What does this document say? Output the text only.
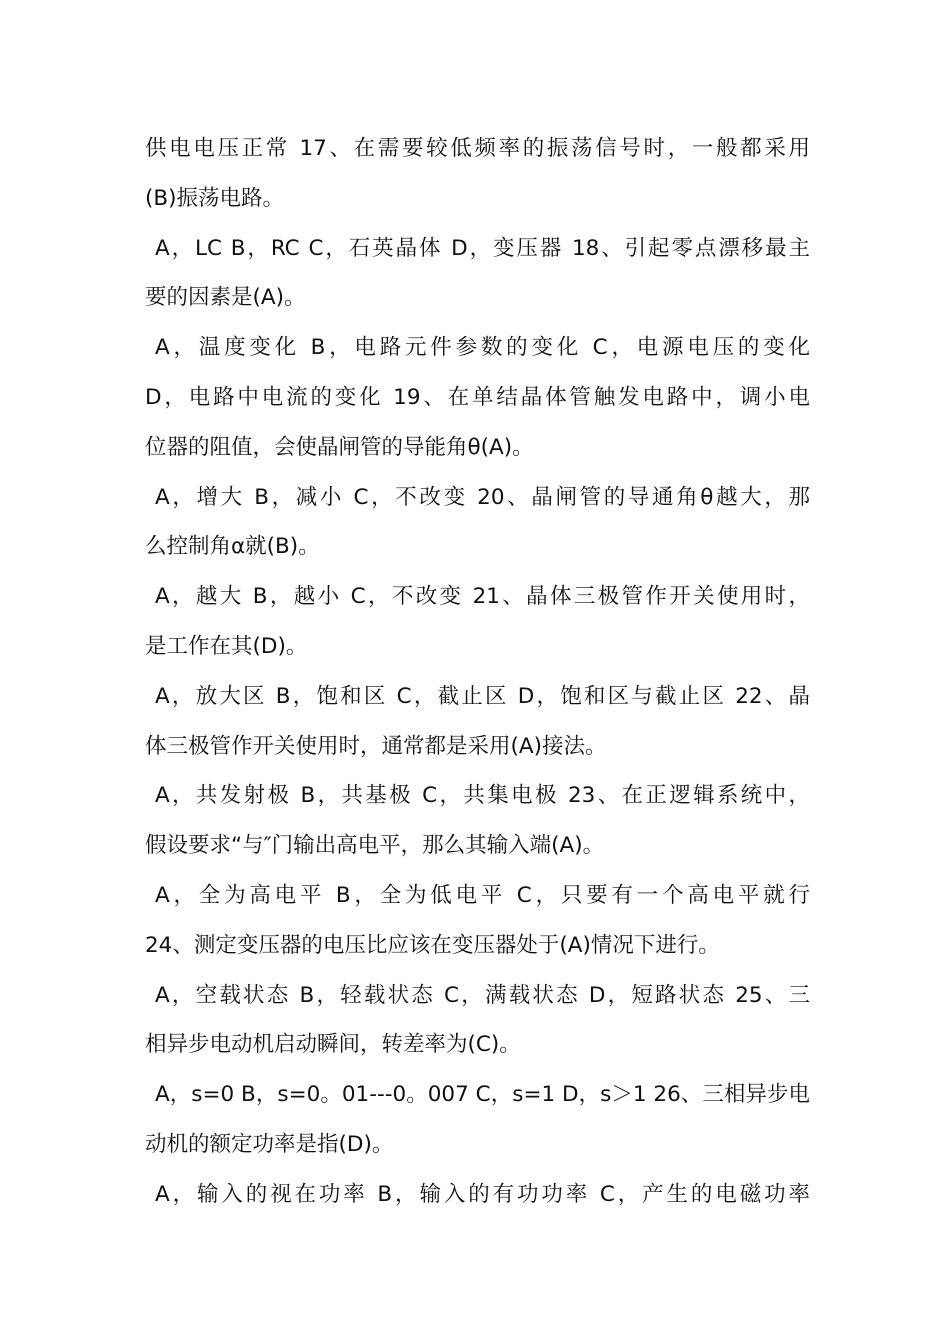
供电电压正常 17、在需要较低频率的振荡信号时，一般都采用
(B)振荡电路。
A，LC B，RC C，石英晶体 D，变压器 18、引起零点漂移最主
要的因素是(A)。
A，温度变化 B，电路元件参数的变化 C，电源电压的变化
D，电路中电流的变化 19、在单结晶体管触发电路中，调小电
位器的阻值，会使晶闸管的导能角θ(A)。
A，增大 B，减小 C，不改变 20、晶闸管的导通角θ越大，那
么控制角α就(B)。
A，越大 B，越小 C，不改变 21、晶体三极管作开关使用时，
是工作在其(D)。
A，放大区 B，饱和区 C，截止区 D，饱和区与截止区 22、晶
体三极管作开关使用时，通常都是采用(A)接法。
A，共发射极 B，共基极 C，共集电极 23、在正逻辑系统中，
假设要求“与″门输出高电平，那么其输入端(A)。
A，全为高电平 B，全为低电平 C，只要有一个高电平就行
24、测定变压器的电压比应该在变压器处于(A)情况下进行。
A，空载状态 B，轻载状态 C，满载状态 D，短路状态 25、三
相异步电动机启动瞬间，转差率为(C)。
A，s=0 B，s=0。01---0。007 C，s=1 D，s＞1 26、三相异步电
动机的额定功率是指(D)。
A，输入的视在功率 B，输入的有功功率 C，产生的电磁功率
